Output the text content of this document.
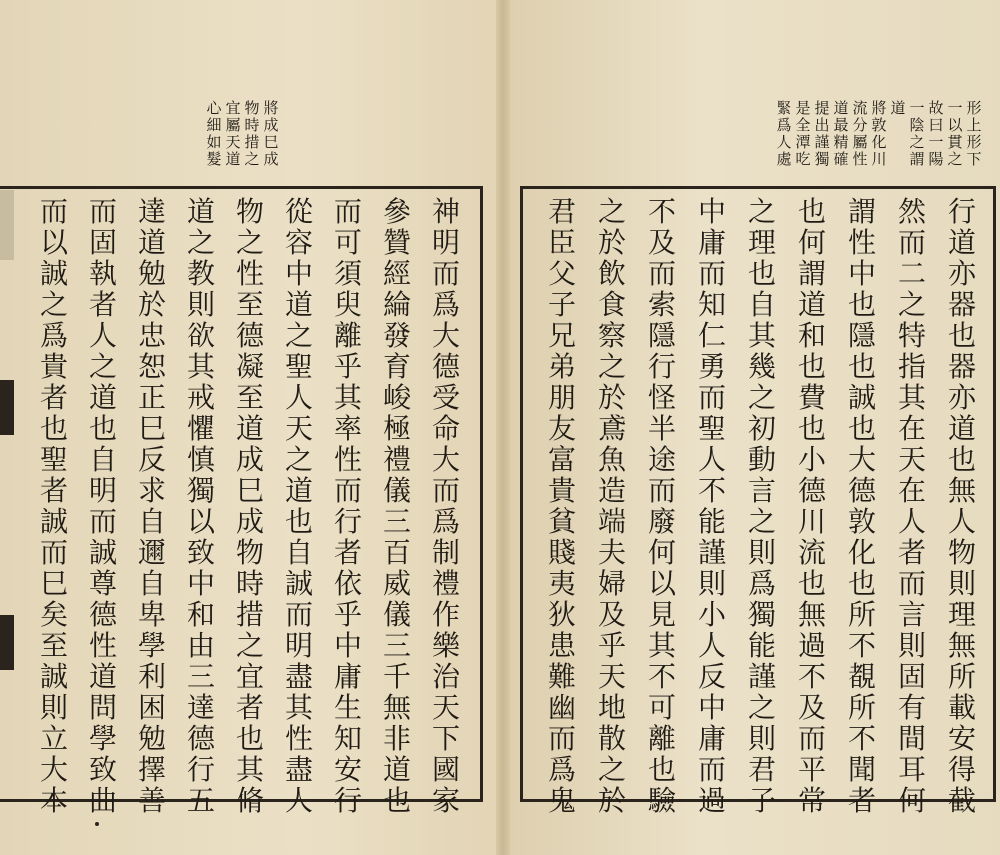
神
明
而
爲
大
德
受
命
大
而
爲
制
禮
作
樂
治
天
下
國
家
參
贊
經
綸
發
育
峻
極
禮
儀
三
百
威
儀
三
千
無
非
道
也
而
可
須
臾
離
乎
其
率
性
而
行
者
依
乎
中
庸
生
知
安
行
從
容
中
道
之
聖
人
天
之
道
也
自
誠
而
明
盡
其
性
盡
人
物
之
性
至
德
凝
至
道
成
巳
成
物
時
措
之
宜
者
也
其
脩
道
之
教
則
欲
其
戒
懼
慎
獨
以
致
中
和
由
三
達
德
行
五
達
道
勉
於
忠
恕
正
巳
反
求
自
邇
自
卑
學
利
困
勉
擇
善
而
固
執
者
人
之
道
也
自
明
而
誠
尊
德
性
道
問
學
致
曲
而
以
誠
之
爲
貴
者
也
聖
者
誠
而
巳
矣
至
誠
則
立
大
本
行
道
亦
器
也
器
亦
道
也
無
人
物
則
理
無
所
載
安
得
截
然
而
二
之
特
指
其
在
天
在
人
者
而
言
則
固
有
間
耳
何
謂
性
中
也
隱
也
誠
也
大
德
敦
化
也
所
不
覩
所
不
聞
者
也
何
謂
道
和
也
費
也
小
德
川
流
也
無
過
不
及
而
平
常
之
理
也
自
其
幾
之
初
動
言
之
則
爲
獨
能
謹
之
則
君
子
中
庸
而
知
仁
勇
而
聖
人
不
能
謹
則
小
人
反
中
庸
而
過
不
及
而
索
隱
行
怪
半
途
而
廢
何
以
見
其
不
可
離
也
驗
之
於
飲
食
察
之
於
鳶
魚
造
端
夫
婦
及
乎
天
地
散
之
於
君
臣
父
子
兄
弟
朋
友
富
貴
貧
賤
夷
狄
患
難
幽
而
爲
鬼
將
成
巳
成
物
時
措
之
宜
屬
天
道
心
細
如
髮
形
上
形
下
一
以
貫
之
故
曰
一
陽
一
陰
之
謂
道
將
敦
化
川
流
分
屬
性
道
最
精
確
提
出
謹
獨
是
全
潭
吃
緊
爲
人
處
